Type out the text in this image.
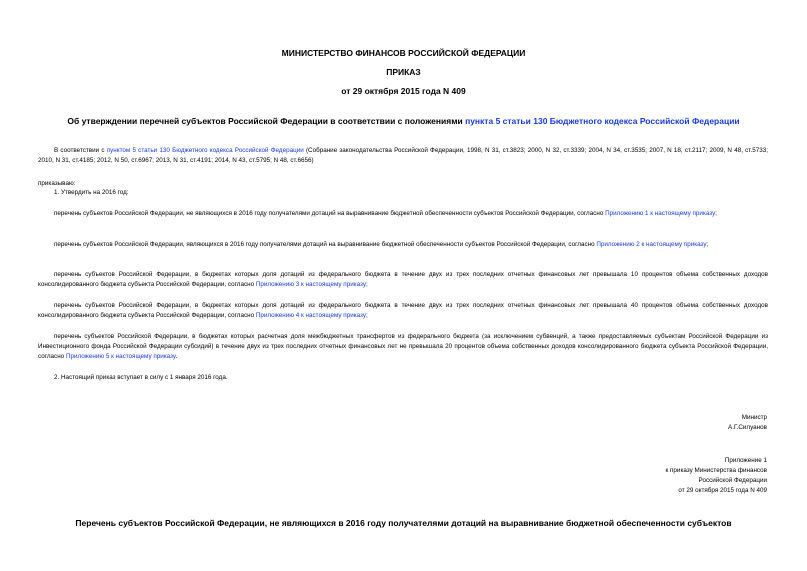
МИНИСТЕРСТВО ФИНАНСОВ РОССИЙСКОЙ ФЕДЕРАЦИИ
ПРИКАЗ
от 29 октября 2015 года N 409
Об утверждении перечней субъектов Российской Федерации в соответствии с положениями пункта 5 статьи 130 Бюджетного кодекса Российской Федерации
В соответствии с пунктом 5 статьи 130 Бюджетного кодекса Российской Федерации (Собрание законодательства Российской Федерации, 1998, N 31, ст.3823; 2000, N 32, ст.3339; 2004, N 34, ст.3535; 2007, N 18, ст.2117; 2009, N 48, ст.5733; 2010, N 31, ст.4185; 2012, N 50, ст.6967; 2013, N 31, ст.4191; 2014, N 43, ст.5795; N 48, ст.6656)
приказываю:
1. Утвердить на 2016 год:
перечень субъектов Российской Федерации, не являющихся в 2016 году получателями дотаций на выравнивание бюджетной обеспеченности субъектов Российской Федерации, согласно Приложению 1 к настоящему приказу;
перечень субъектов Российской Федерации, являющихся в 2016 году получателями дотаций на выравнивание бюджетной обеспеченности субъектов Российской Федерации, согласно Приложению 2 к настоящему приказу;
перечень субъектов Российской Федерации, в бюджетах которых доля дотаций из федерального бюджета в течение двух из трех последних отчетных финансовых лет превышала 10 процентов объема собственных доходов консолидированного бюджета субъекта Российской Федерации, согласно Приложению 3 к настоящему приказу;
перечень субъектов Российской Федерации, в бюджетах которых доля дотаций из федерального бюджета в течение двух из трех последних отчетных финансовых лет превышала 40 процентов объема собственных доходов консолидированного бюджета субъекта Российской Федерации, согласно Приложению 4 к настоящему приказу;
перечень субъектов Российской Федерации, в бюджетах которых расчетная доля межбюджетных трансфертов из федерального бюджета (за исключением субвенций, а также предоставляемых субъектам Российской Федерации из Инвестиционного фонда Российской Федерации субсидий) в течение двух из трех последних отчетных финансовых лет не превышала 20 процентов объема собственных доходов консолидированного бюджета субъекта Российской Федерации, согласно Приложению 5 к настоящему приказу.
2. Настоящий приказ вступает в силу с 1 января 2016 года.
Министр
А.Г.Силуанов
Приложение 1
к приказу Министерства финансов
Российской Федерации
от 29 октября 2015 года N 409
Перечень субъектов Российской Федерации, не являющихся в 2016 году получателями дотаций на выравнивание бюджетной обеспеченности субъектов
